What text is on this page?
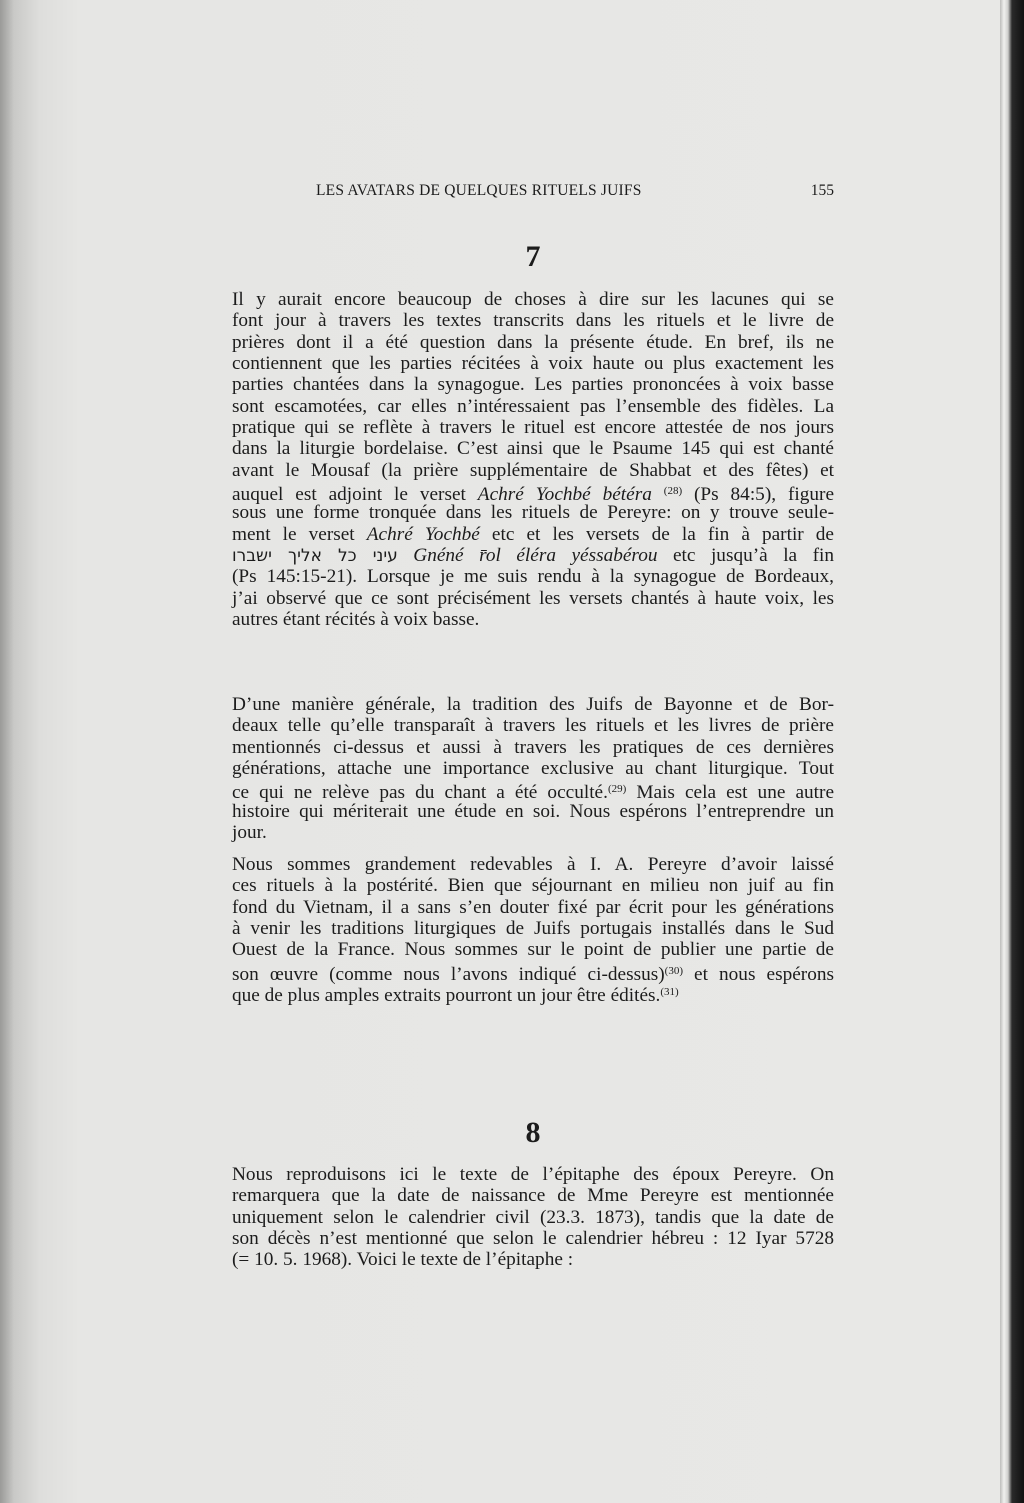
LES AVATARS DE QUELQUES RITUELS JUIFS	155
7
Il y aurait encore beaucoup de choses à dire sur les lacunes qui se
font jour à travers les textes transcrits dans les rituels et le livre de
prières dont il a été question dans la présente étude. En bref, ils ne
contiennent que les parties récitées à voix haute ou plus exactement les
parties chantées dans la synagogue. Les parties prononcées à voix basse
sont escamotées, car elles n’intéressaient pas l’ensemble des fidèles. La
pratique qui se reflète à travers le rituel est encore attestée de nos jours
dans la liturgie bordelaise. C’est ainsi que le Psaume 145 qui est chanté
avant le Mousaf (la prière supplémentaire de Shabbat et des fêtes) et
auquel est adjoint le verset Achré Yochbé bétéra $^{(28)}$ (Ps 84:5), figure
sous une forme tronquée dans les rituels de Pereyre: on y trouve seule-
ment le verset Achré Yochbé etc et les versets de la fin à partir de
עיני כל אליך ישברו Gnéné r̄ol éléra yéssabérou etc jusqu’à la fin
(Ps 145:15-21). Lorsque je me suis rendu à la synagogue de Bordeaux,
j’ai observé que ce sont précisément les versets chantés à haute voix, les
autres étant récités à voix basse.
D’une manière générale, la tradition des Juifs de Bayonne et de Bor-
deaux telle qu’elle transparaît à travers les rituels et les livres de prière
mentionnés ci-dessus et aussi à travers les pratiques de ces dernières
générations, attache une importance exclusive au chant liturgique. Tout
ce qui ne relève pas du chant a été occulté.$^{(29)}$ Mais cela est une autre
histoire qui mériterait une étude en soi. Nous espérons l’entreprendre un
jour.
Nous sommes grandement redevables à I. A. Pereyre d’avoir laissé
ces rituels à la postérité. Bien que séjournant en milieu non juif au fin
fond du Vietnam, il a sans s’en douter fixé par écrit pour les générations
à venir les traditions liturgiques de Juifs portugais installés dans le Sud
Ouest de la France. Nous sommes sur le point de publier une partie de
son œuvre (comme nous l’avons indiqué ci-dessus)$^{(30)}$ et nous espérons
que de plus amples extraits pourront un jour être édités.$^{(31)}$
8
Nous reproduisons ici le texte de l’épitaphe des époux Pereyre. On
remarquera que la date de naissance de Mme Pereyre est mentionnée
uniquement selon le calendrier civil (23.3. 1873), tandis que la date de
son décès n’est mentionné que selon le calendrier hébreu : 12 Iyar 5728
(= 10. 5. 1968). Voici le texte de l’épitaphe :
